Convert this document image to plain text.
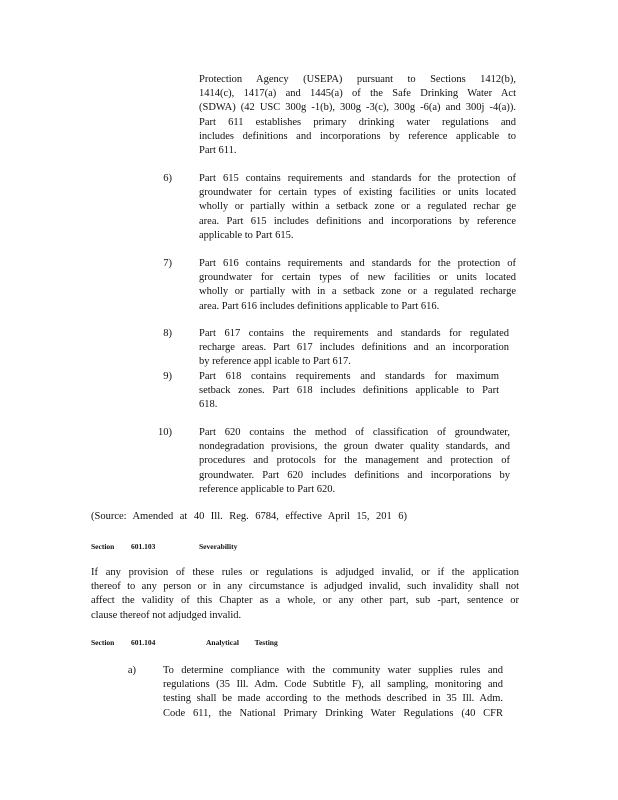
Protection Agency (USEPA) pursuant to Sections 1412(b),
1414(c), 1417(a) and 1445(a) of the Safe Drinking Water Act
(SDWA) (42 USC 300g -1(b), 300g -3(c), 300g -6(a) and 300j -4(a)).
Part 611 establishes primary drinking water regulations and
includes definitions and incorporations by reference applicable to
Part 611.
6)	Part 615 contains requirements and standards for the protection of
groundwater for certain types of existing facilities or units located
wholly or partially within a setback zone or a regulated rechar ge
area. Part 615 includes definitions and incorporations by reference
applicable to Part 615.
7)	Part 616 contains requirements and standards for the protection of
groundwater for certain types of new facilities or units located
wholly or partially with in a setback zone or a regulated recharge
area. Part 616 includes definitions applicable to Part 616.
8)	Part 617 contains the requirements and standards for regulated
recharge areas. Part 617 includes definitions and an incorporation
by reference appl icable to Part 617.
9)	Part 618 contains requirements and standards for maximum
setback zones. Part 618 includes definitions applicable to Part
618.
10)	Part 620 contains the method of classification of groundwater,
nondegradation provisions, the groun dwater quality standards, and
procedures and protocols for the management and protection of
groundwater. Part 620 includes definitions and incorporations by
reference applicable to Part 620.
(Source: Amended at 40 Ill. Reg. 6784, effective April 15, 201 6)
Section 601.103	Severability
If any provision of these rules or regulations is adjudged invalid, or if the application
thereof to any person or in any circumstance is adjudged invalid, such invalidity shall not
affect the validity of this Chapter as a whole, or any other part, sub -part, sentence or
clause thereof not adjudged invalid.
Section 601.104	Analytical Testing
a)	To determine compliance with the community water supplies rules and
regulations (35 Ill. Adm. Code Subtitle F), all sampling, monitoring and
testing shall be made according to the methods described in 35 Ill. Adm.
Code 611, the National Primary Drinking Water Regulations (40 CFR
